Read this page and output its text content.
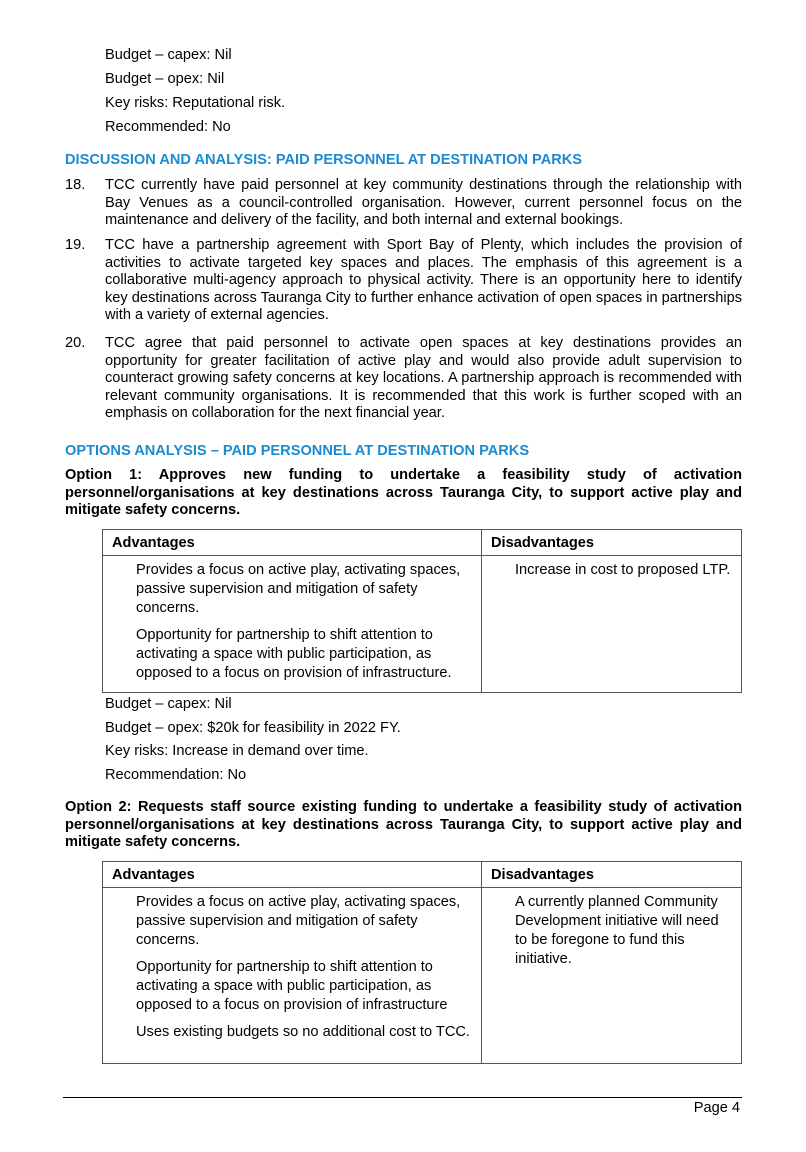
Budget – capex: Nil

Budget – opex: Nil

Key risks: Reputational risk.

Recommended: No

DISCUSSION AND ANALYSIS: PAID PERSONNEL AT DESTINATION PARKS

18. TCC currently have paid personnel at key community destinations through the relationship with Bay Venues as a council-controlled organisation. However, current personnel focus on the maintenance and delivery of the facility, and both internal and external bookings.
19. TCC have a partnership agreement with Sport Bay of Plenty, which includes the provision of activities to activate targeted key spaces and places. The emphasis of this agreement is a collaborative multi-agency approach to physical activity. There is an opportunity here to identify key destinations across Tauranga City to further enhance activation of open spaces in partnerships with a variety of external agencies.
20. TCC agree that paid personnel to activate open spaces at key destinations provides an opportunity for greater facilitation of active play and would also provide adult supervision to counteract growing safety concerns at key locations. A partnership approach is recommended with relevant community organisations. It is recommended that this work is further scoped with an emphasis on collaboration for the next financial year.

OPTIONS ANALYSIS – PAID PERSONNEL AT DESTINATION PARKS

Option 1: Approves new funding to undertake a feasibility study of activation personnel/organisations at key destinations across Tauranga City, to support active play and mitigate safety concerns.

Advantages	Disadvantages

Provides a focus on active play, activating spaces, passive supervision and mitigation of safety concerns.
Opportunity for partnership to shift attention to activating a space with public participation, as opposed to a focus on provision of infrastructure.	Increase in cost to proposed LTP.

Budget – capex: Nil

Budget – opex: $20k for feasibility in 2022 FY.

Key risks: Increase in demand over time.

Recommendation: No

Option 2: Requests staff source existing funding to undertake a feasibility study of activation personnel/organisations at key destinations across Tauranga City, to support active play and mitigate safety concerns.

Advantages	Disadvantages

Provides a focus on active play, activating spaces, passive supervision and mitigation of safety concerns.
Opportunity for partnership to shift attention to activating a space with public participation, as opposed to a focus on provision of infrastructure
Uses existing budgets so no additional cost to TCC.	A currently planned Community Development initiative will need to be foregone to fund this initiative.
Page 4
